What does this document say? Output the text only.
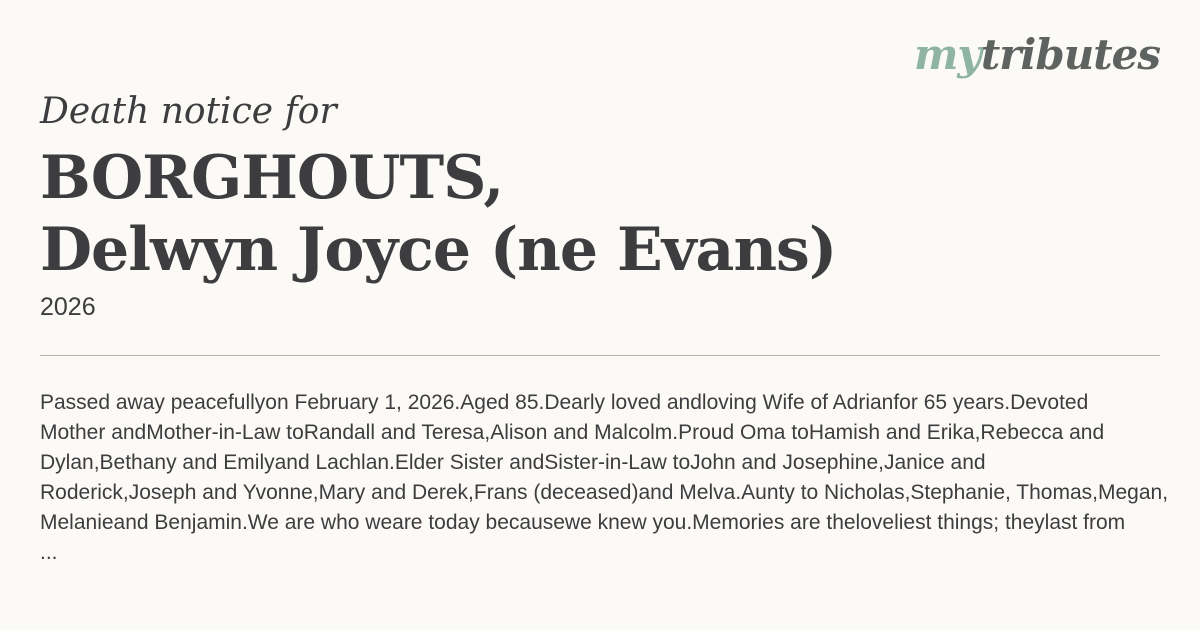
mytributes

Death notice for

BORGHOUTS,
Delwyn Joyce (ne Evans)
2026

Passed away peacefullyon February 1, 2026.Aged 85.Dearly loved andloving Wife of Adrianfor 65 years.Devoted
Mother andMother-in-Law toRandall and Teresa,Alison and Malcolm.Proud Oma toHamish and Erika,Rebecca and
Dylan,Bethany and Emilyand Lachlan.Elder Sister andSister-in-Law toJohn and Josephine,Janice and
Roderick,Joseph and Yvonne,Mary and Derek,Frans (deceased)and Melva.Aunty to Nicholas,Stephanie, Thomas,Megan,
Melanieand Benjamin.We are who weare today becausewe knew you.Memories are theloveliest things; theylast from
...
